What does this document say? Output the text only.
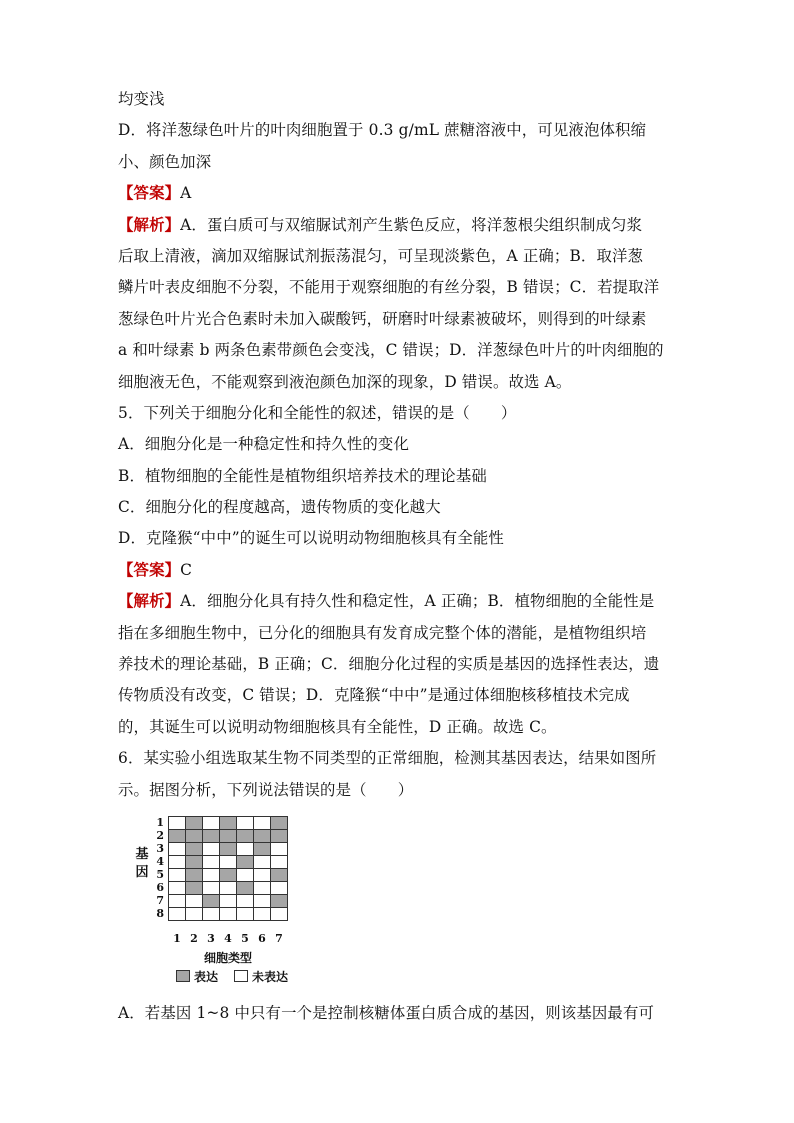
均变浅
D．将洋葱绿色叶片的叶肉细胞置于 0.3 g/mL 蔗糖溶液中，可见液泡体积缩
小、颜色加深
【答案】A
【解析】A．蛋白质可与双缩脲试剂产生紫色反应，将洋葱根尖组织制成匀浆
后取上清液，滴加双缩脲试剂振荡混匀，可呈现淡紫色，A 正确；B．取洋葱
鳞片叶表皮细胞不分裂，不能用于观察细胞的有丝分裂，B 错误；C．若提取洋
葱绿色叶片光合色素时未加入碳酸钙，研磨时叶绿素被破坏，则得到的叶绿素
a 和叶绿素 b 两条色素带颜色会变浅，C 错误；D．洋葱绿色叶片的叶肉细胞的
细胞液无色，不能观察到液泡颜色加深的现象，D 错误。故选 A。
5．下列关于细胞分化和全能性的叙述，错误的是（　　）
A．细胞分化是一种稳定性和持久性的变化
B．植物细胞的全能性是植物组织培养技术的理论基础
C．细胞分化的程度越高，遗传物质的变化越大
D．克隆猴“中中”的诞生可以说明动物细胞核具有全能性
【答案】C
【解析】A．细胞分化具有持久性和稳定性，A 正确；B．植物细胞的全能性是
指在多细胞生物中，已分化的细胞具有发育成完整个体的潜能，是植物组织培
养技术的理论基础，B 正确；C．细胞分化过程的实质是基因的选择性表达，遗
传物质没有改变，C 错误；D．克隆猴“中中”是通过体细胞核移植技术完成
的，其诞生可以说明动物细胞核具有全能性，D 正确。故选 C。
6．某实验小组选取某生物不同类型的正常细胞，检测其基因表达，结果如图所
示。据图分析，下列说法错误的是（　　）
基因
1
2
3
4
5
6
7
8
1 2 3 4 5 6 7
细胞类型
表达	未表达
A．若基因 1~8 中只有一个是控制核糖体蛋白质合成的基因，则该基因最有可
